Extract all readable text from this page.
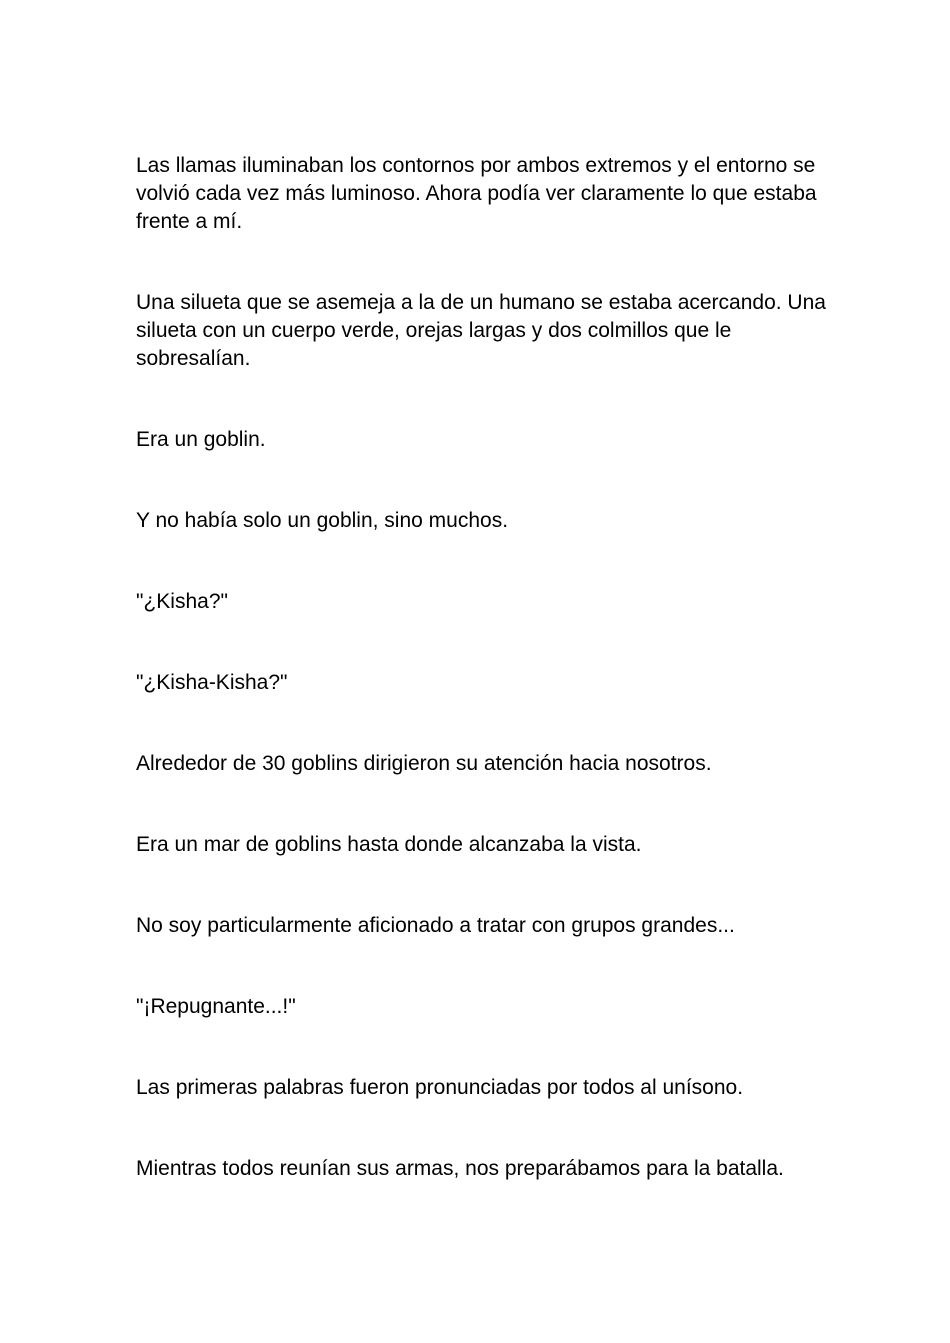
Las llamas iluminaban los contornos por ambos extremos y el entorno se volvió cada vez más luminoso. Ahora podía ver claramente lo que estaba frente a mí.

Una silueta que se asemeja a la de un humano se estaba acercando. Una silueta con un cuerpo verde, orejas largas y dos colmillos que le sobresalían.

Era un goblin.

Y no había solo un goblin, sino muchos.

"¿Kisha?"

"¿Kisha-Kisha?"

Alrededor de 30 goblins dirigieron su atención hacia nosotros.

Era un mar de goblins hasta donde alcanzaba la vista.

No soy particularmente aficionado a tratar con grupos grandes...

"¡Repugnante...!"

Las primeras palabras fueron pronunciadas por todos al unísono.

Mientras todos reunían sus armas, nos preparábamos para la batalla.
